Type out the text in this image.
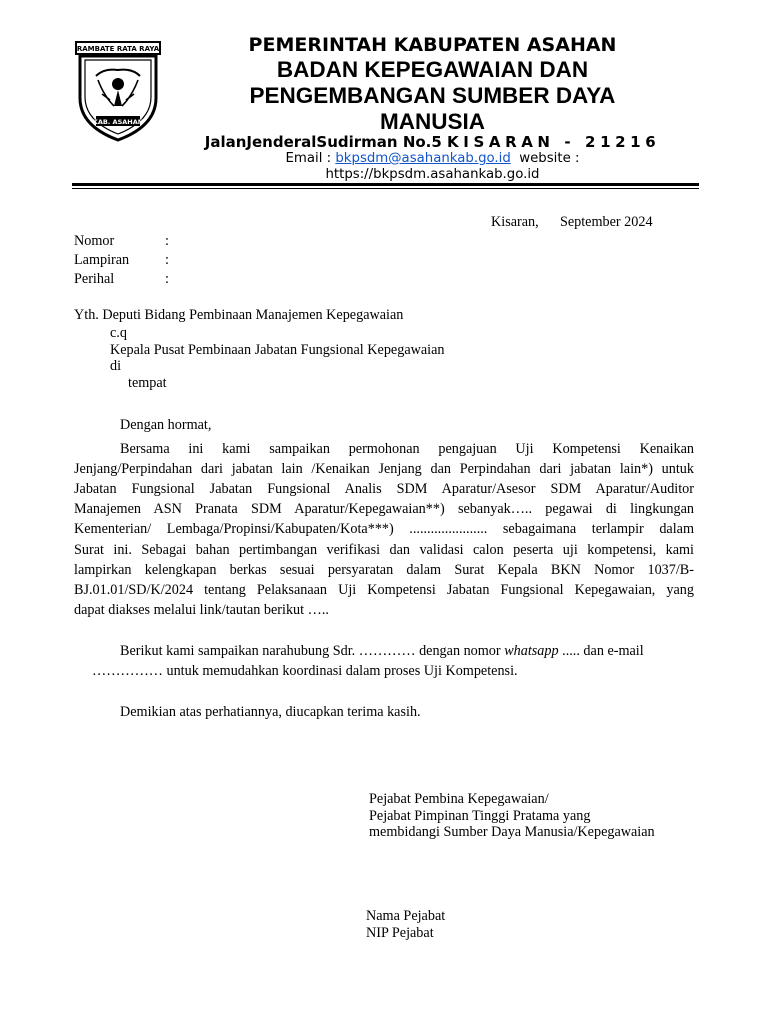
RAMBATE RATA RAYA
KAB. ASAHAN
PEMERINTAH KABUPATEN ASAHAN
BADAN KEPEGAWAIAN DAN
PENGEMBANGAN SUMBER DAYA
MANUSIA
JalanJenderalSudirman No.5 KISARAN - 21216
Email : bkpsdm@asahankab.go.id  website :
https://bkpsdm.asahankab.go.id
Kisaran,      September 2024
Nomor	:
Lampiran	:
Perihal	:
Yth. Deputi Bidang Pembinaan Manajemen Kepegawaian
c.q
Kepala Pusat Pembinaan Jabatan Fungsional Kepegawaian
di
tempat
Dengan hormat,
Bersama ini kami sampaikan permohonan pengajuan Uji Kompetensi Kenaikan
Jenjang/Perpindahan dari jabatan lain /Kenaikan Jenjang dan Perpindahan dari jabatan lain*) untuk
Jabatan Fungsional Jabatan Fungsional Analis SDM Aparatur/Asesor SDM Aparatur/Auditor
Manajemen ASN Pranata SDM Aparatur/Kepegawaian**) sebanyak….. pegawai di lingkungan
Kementerian/ Lembaga/Propinsi/Kabupaten/Kota***) ...................... sebagaimana terlampir dalam
Surat ini. Sebagai bahan pertimbangan verifikasi dan validasi calon peserta uji kompetensi, kami
lampirkan kelengkapan berkas sesuai persyaratan dalam Surat Kepala BKN Nomor 1037/B-
BJ.01.01/SD/K/2024 tentang Pelaksanaan Uji Kompetensi Jabatan Fungsional Kepegawaian, yang
dapat diakses melalui link/tautan berikut …..
Berikut kami sampaikan narahubung Sdr. ………… dengan nomor whatsapp ..... dan e-mail
…………… untuk memudahkan koordinasi dalam proses Uji Kompetensi.
Demikian atas perhatiannya, diucapkan terima kasih.
Pejabat Pembina Kepegawaian/
Pejabat Pimpinan Tinggi Pratama yang
membidangi Sumber Daya Manusia/Kepegawaian
Nama Pejabat
NIP Pejabat
